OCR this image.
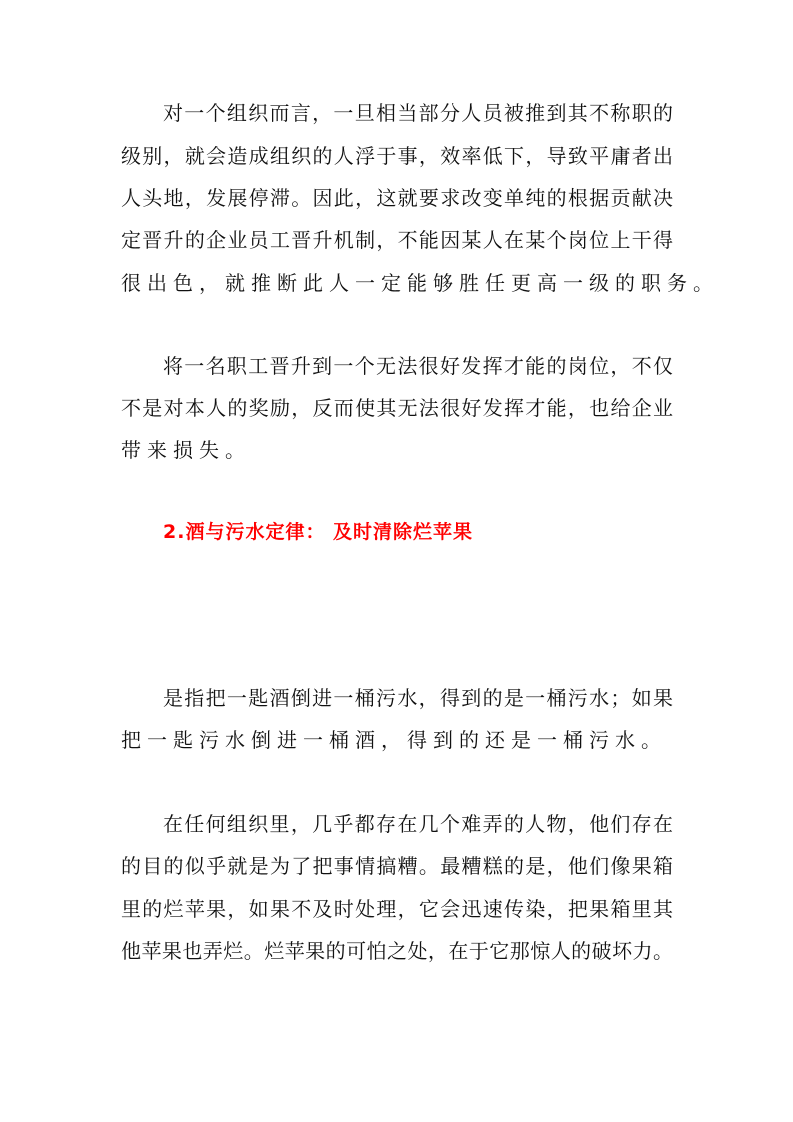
对一个组织而言，一旦相当部分人员被推到其不称职的
级别，就会造成组织的人浮于事，效率低下，导致平庸者出
人头地，发展停滞。因此，这就要求改变单纯的根据贡献决
定晋升的企业员工晋升机制，不能因某人在某个岗位上干得
很出色，就推断此人一定能够胜任更高一级的职务。
将一名职工晋升到一个无法很好发挥才能的岗位，不仅
不是对本人的奖励，反而使其无法很好发挥才能，也给企业
带来损失。
2.酒与污水定律： 及时清除烂苹果
是指把一匙酒倒进一桶污水，得到的是一桶污水；如果
把一匙污水倒进一桶酒，得到的还是一桶污水。
在任何组织里，几乎都存在几个难弄的人物，他们存在
的目的似乎就是为了把事情搞糟。最糟糕的是，他们像果箱
里的烂苹果，如果不及时处理，它会迅速传染，把果箱里其
他苹果也弄烂。烂苹果的可怕之处，在于它那惊人的破坏力。
